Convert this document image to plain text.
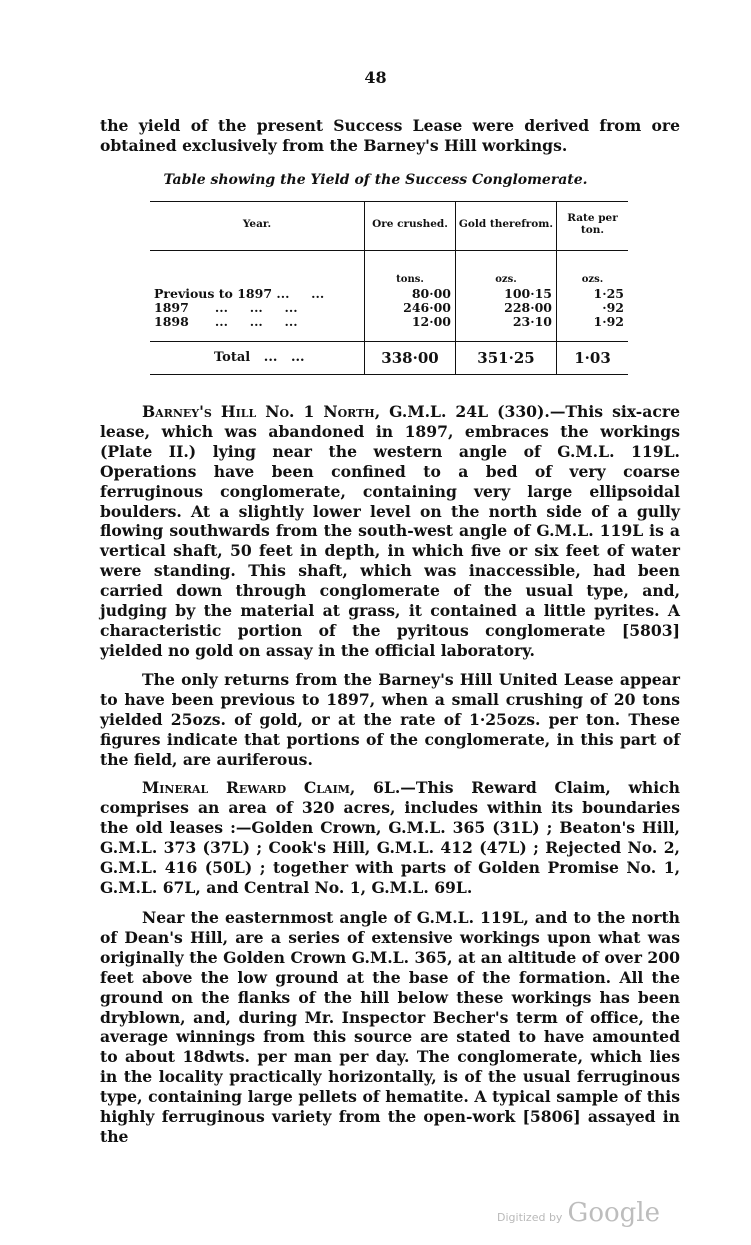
48

the yield of the present Success Lease were derived from ore obtained exclusively from the Barney's Hill workings.

Table showing the Yield of the Success Conglomerate.
Year.	Ore crushed.	Gold therefrom.	Rate per ton.
	tons.	ozs.	ozs.
Previous to 1897 ...     ...	80·00	100·15	1·25
1897      ...     ...     ...	246·00	228·00	·92
1898      ...     ...     ...	12·00	23·10	1·92
Total   ...   ...	338·00	351·25	1·03

Barney's Hill No. 1 North, G.M.L. 24L (330).—This six-acre lease, which was abandoned in 1897, embraces the workings (Plate II.) lying near the western angle of G.M.L. 119L. Operations have been confined to a bed of very coarse ferruginous conglomerate, containing very large ellipsoidal boulders. At a slightly lower level on the north side of a gully flowing southwards from the south-west angle of G.M.L. 119L is a vertical shaft, 50 feet in depth, in which five or six feet of water were standing. This shaft, which was inaccessible, had been carried down through conglomerate of the usual type, and, judging by the material at grass, it contained a little pyrites. A characteristic portion of the pyritous conglomerate [5803] yielded no gold on assay in the official laboratory.

The only returns from the Barney's Hill United Lease appear to have been previous to 1897, when a small crushing of 20 tons yielded 25ozs. of gold, or at the rate of 1·25ozs. per ton. These figures indicate that portions of the conglomerate, in this part of the field, are auriferous.

Mineral Reward Claim, 6L.—This Reward Claim, which comprises an area of 320 acres, includes within its boundaries the old leases :—Golden Crown, G.M.L. 365 (31L) ; Beaton's Hill, G.M.L. 373 (37L) ; Cook's Hill, G.M.L. 412 (47L) ; Rejected No. 2, G.M.L. 416 (50L) ; together with parts of Golden Promise No. 1, G.M.L. 67L, and Central No. 1, G.M.L. 69L.

Near the easternmost angle of G.M.L. 119L, and to the north of Dean's Hill, are a series of extensive workings upon what was originally the Golden Crown G.M.L. 365, at an altitude of over 200 feet above the low ground at the base of the formation. All the ground on the flanks of the hill below these workings has been dryblown, and, during Mr. Inspector Becher's term of office, the average winnings from this source are stated to have amounted to about 18dwts. per man per day. The conglomerate, which lies in the locality practically horizontally, is of the usual ferruginous type, containing large pellets of hematite. A typical sample of this highly ferruginous variety from the open-work [5806] assayed in the

Digitized by Google
